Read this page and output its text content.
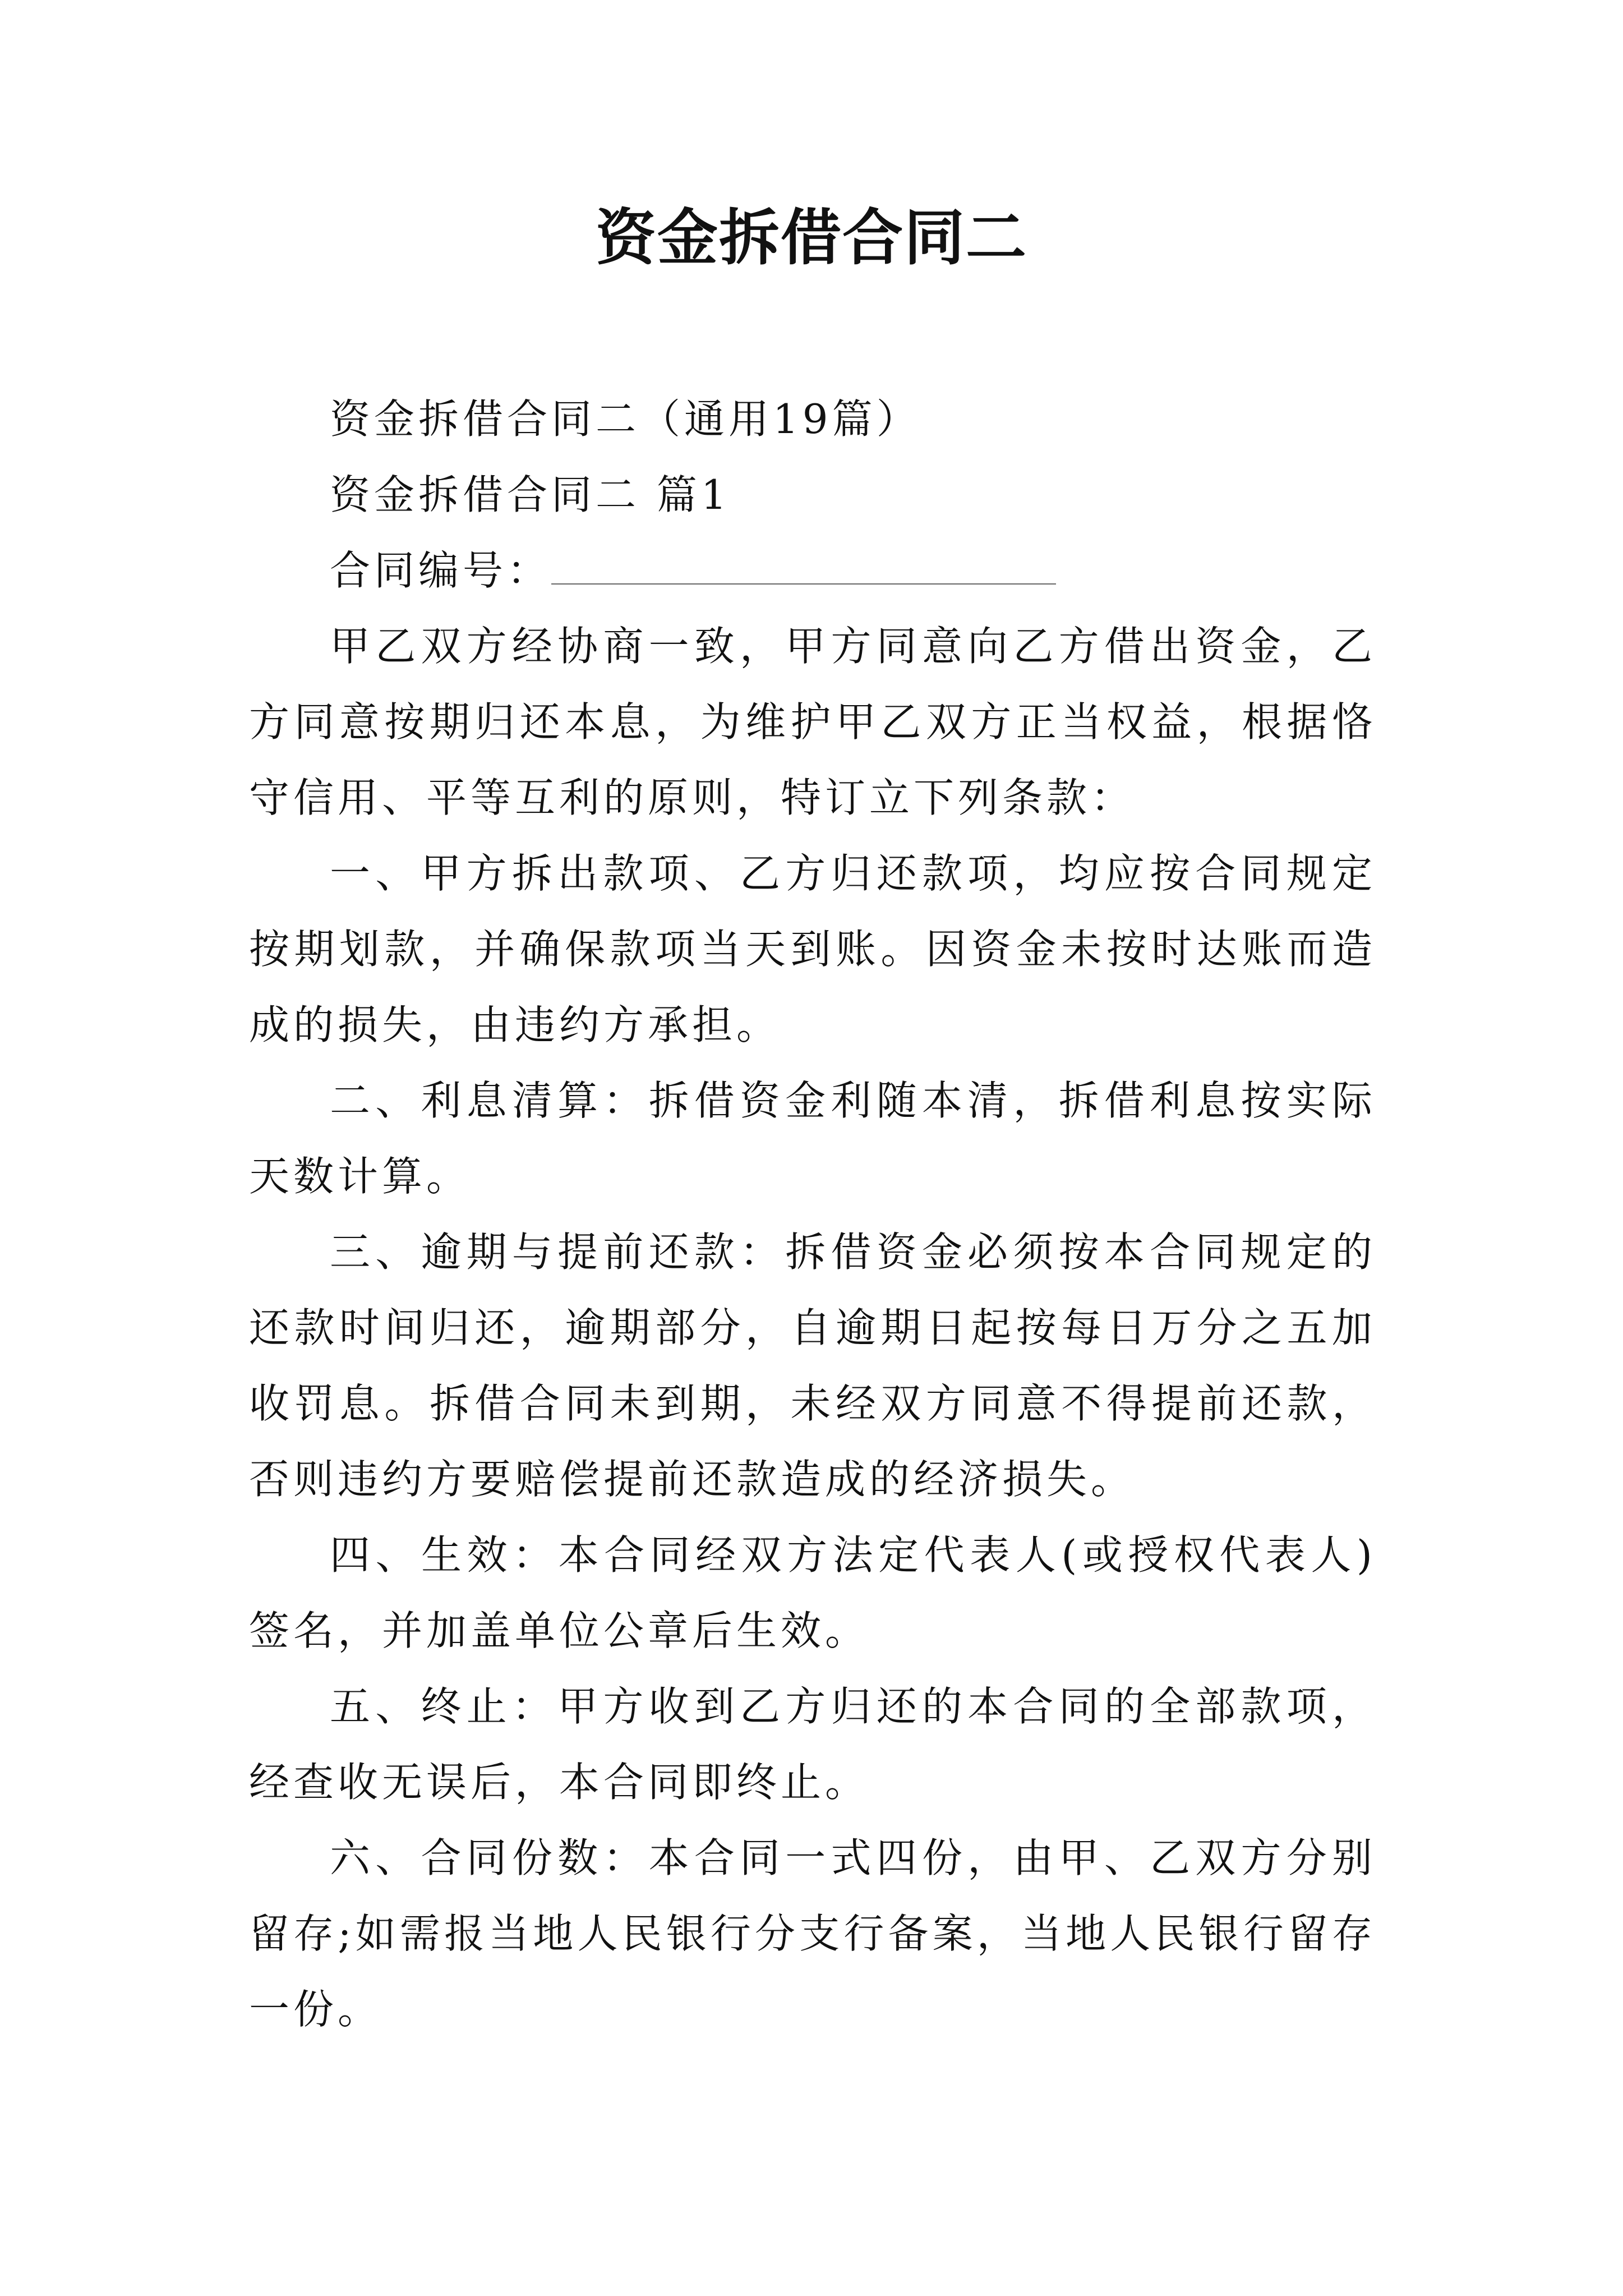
资金拆借合同二

资金拆借合同二（通用19篇）

资金拆借合同二 篇1

合同编号：

甲乙双方经协商一致，甲方同意向乙方借出资金，乙方同意按期归还本息，为维护甲乙双方正当权益，根据恪守信用、平等互利的原则，特订立下列条款：

一、甲方拆出款项、乙方归还款项，均应按合同规定按期划款，并确保款项当天到账。因资金未按时达账而造成的损失，由违约方承担。

二、利息清算：拆借资金利随本清，拆借利息按实际天数计算。

三、逾期与提前还款：拆借资金必须按本合同规定的还款时间归还，逾期部分，自逾期日起按每日万分之五加收罚息。拆借合同未到期，未经双方同意不得提前还款，否则违约方要赔偿提前还款造成的经济损失。

四、生效：本合同经双方法定代表人(或授权代表人)签名，并加盖单位公章后生效。

五、终止：甲方收到乙方归还的本合同的全部款项，经查收无误后，本合同即终止。

六、合同份数：本合同一式四份，由甲、乙双方分别留存;如需报当地人民银行分支行备案，当地人民银行留存一份。
